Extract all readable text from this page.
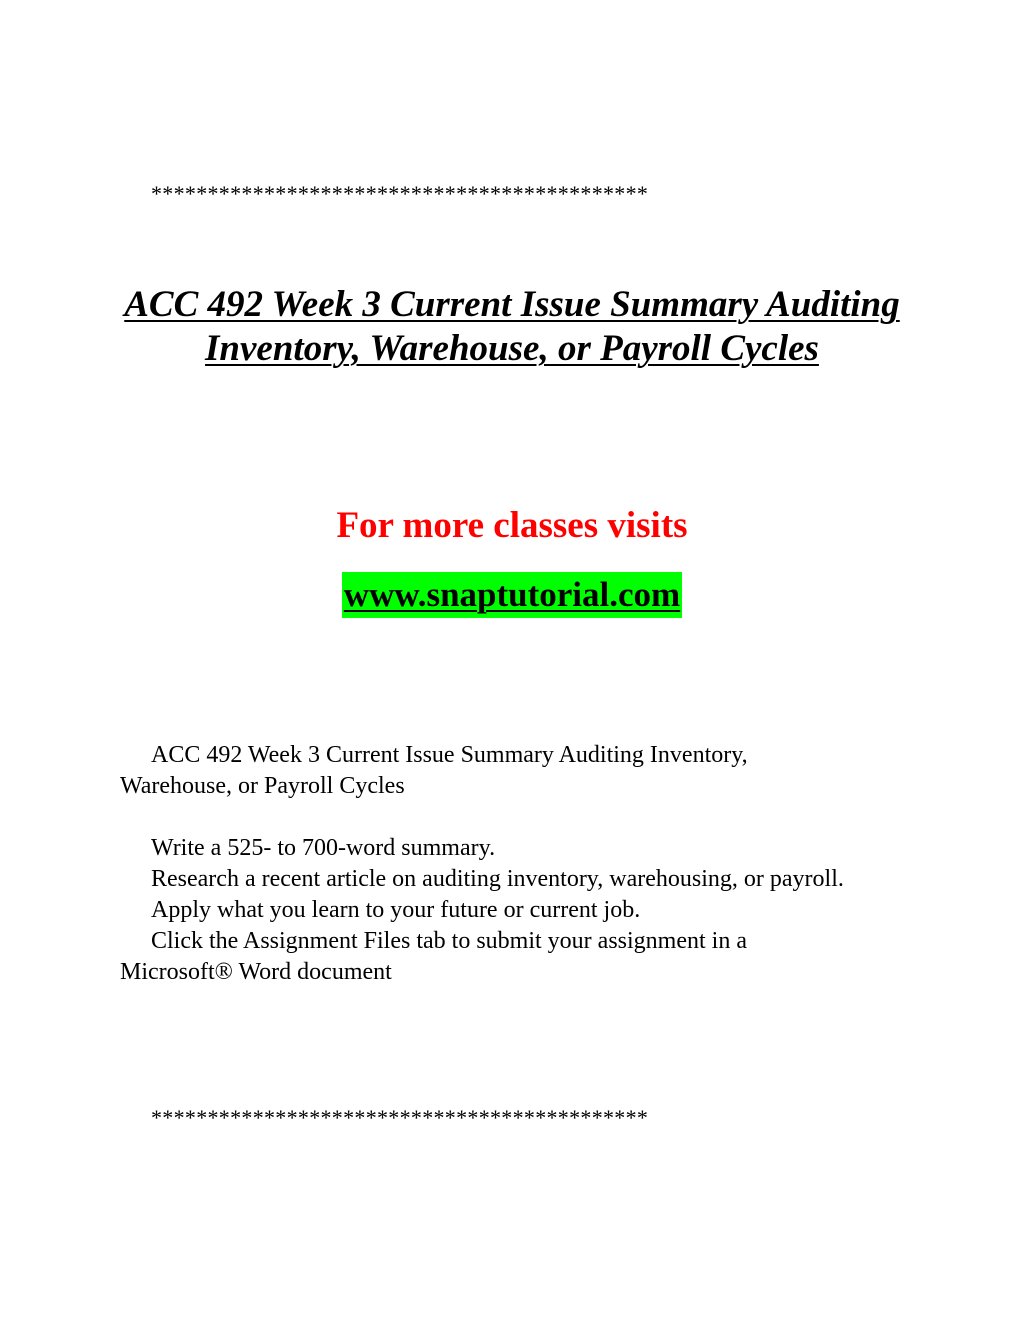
********************************************
ACC 492 Week 3 Current Issue Summary Auditing Inventory, Warehouse, or Payroll Cycles
For more classes visits
www.snaptutorial.com

ACC 492 Week 3 Current Issue Summary Auditing Inventory, Warehouse, or Payroll Cycles

Write a 525- to 700-word summary.

Research a recent article on auditing inventory, warehousing, or payroll.

Apply what you learn to your future or current job.

Click the Assignment Files tab to submit your assignment in a Microsoft® Word document

********************************************
